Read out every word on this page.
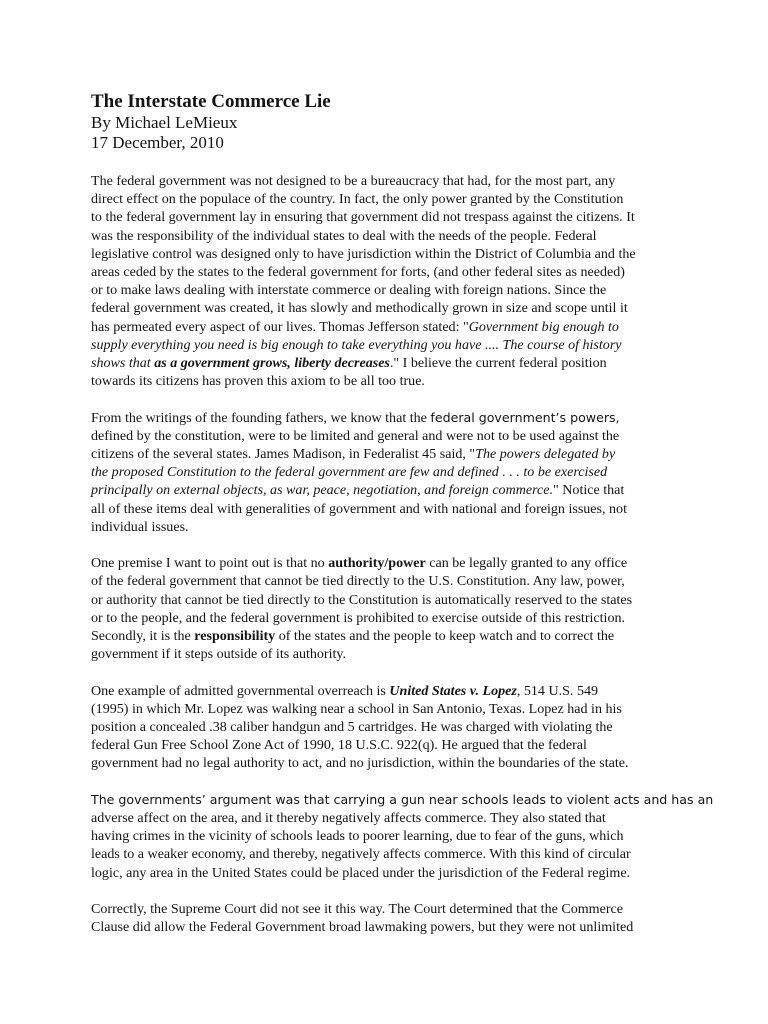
The Interstate Commerce Lie
By Michael LeMieux
17 December, 2010

The federal government was not designed to be a bureaucracy that had, for the most part, any
direct effect on the populace of the country. In fact, the only power granted by the Constitution
to the federal government lay in ensuring that government did not trespass against the citizens. It
was the responsibility of the individual states to deal with the needs of the people. Federal
legislative control was designed only to have jurisdiction within the District of Columbia and the
areas ceded by the states to the federal government for forts, (and other federal sites as needed)
or to make laws dealing with interstate commerce or dealing with foreign nations. Since the
federal government was created, it has slowly and methodically grown in size and scope until it
has permeated every aspect of our lives. Thomas Jefferson stated: "Government big enough to
supply everything you need is big enough to take everything you have .... The course of history
shows that as a government grows, liberty decreases." I believe the current federal position
towards its citizens has proven this axiom to be all too true.

From the writings of the founding fathers, we know that the federal government’s powers,
defined by the constitution, were to be limited and general and were not to be used against the
citizens of the several states. James Madison, in Federalist 45 said, "The powers delegated by
the proposed Constitution to the federal government are few and defined . . . to be exercised
principally on external objects, as war, peace, negotiation, and foreign commerce." Notice that
all of these items deal with generalities of government and with national and foreign issues, not
individual issues.

One premise I want to point out is that no authority/power can be legally granted to any office
of the federal government that cannot be tied directly to the U.S. Constitution. Any law, power,
or authority that cannot be tied directly to the Constitution is automatically reserved to the states
or to the people, and the federal government is prohibited to exercise outside of this restriction.
Secondly, it is the responsibility of the states and the people to keep watch and to correct the
government if it steps outside of its authority.

One example of admitted governmental overreach is United States v. Lopez, 514 U.S. 549
(1995) in which Mr. Lopez was walking near a school in San Antonio, Texas. Lopez had in his
position a concealed .38 caliber handgun and 5 cartridges. He was charged with violating the
federal Gun Free School Zone Act of 1990, 18 U.S.C. 922(q). He argued that the federal
government had no legal authority to act, and no jurisdiction, within the boundaries of the state.

The governments’ argument was that carrying a gun near schools leads to violent acts and has an
adverse affect on the area, and it thereby negatively affects commerce. They also stated that
having crimes in the vicinity of schools leads to poorer learning, due to fear of the guns, which
leads to a weaker economy, and thereby, negatively affects commerce. With this kind of circular
logic, any area in the United States could be placed under the jurisdiction of the Federal regime.

Correctly, the Supreme Court did not see it this way. The Court determined that the Commerce
Clause did allow the Federal Government broad lawmaking powers, but they were not unlimited
